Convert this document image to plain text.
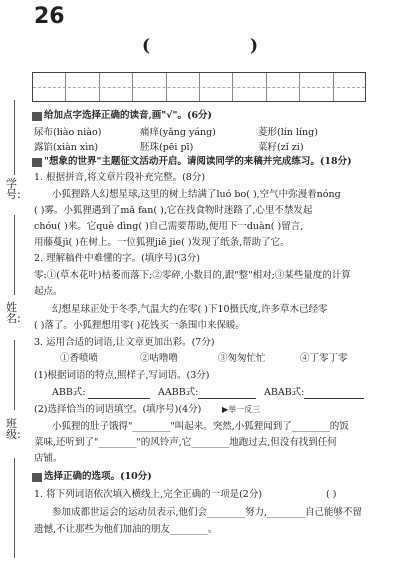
26
(	)
学号:
姓名:
班级:
给加点字选择正确的读音,画"√"。(6分)
尿布(liào niào)	痛痒(yǎng yáng)	菱形(lín líng)
露馅(xiàn xìn)	胚珠(pēi pī)	菜籽(zǐ zi)
"想象的世界"主题征文活动开启。请阅读同学的来稿并完成练习。(18分)
1. 根据拼音,将文章片段补充完整。(8分)
小狐狸路人幻想星球,这里的树上结满了luó bo( ),空气中弥漫着nóng
( )雾。小狐狸遇到了mǎ fan( ),它在找食物时迷路了,心里不禁发起
chóu( )来。它què dìng( )自己需要帮助,便用下一duàn( )留言,
用藤蔓jì( )在树上。一位狐狸jiě jie( )发现了纸条,帮助了它。
2. 理解稿件中难懂的字。(填序号)(3分)
零:①(草木花叶)枯萎而落下;②零碎,小数目的,跟"整"相对;③某些量度的计算
起点。
幻想星球正处于冬季,气温大约在零( )下10摄氏度,许多草木已经零
( )落了。小狐狸想用零( )花钱买一条围巾来保暖。
3. 运用合适的词语,让文章更加出彩。(7分)
①香喷喷	②咕噜噜	③匆匆忙忙	④丁零丁零
(1)根据词语的特点,照样子,写词语。(3分)
ABB式:	AABB式:	ABAB式:
(2)选择恰当的词语填空。(填序号)(4分)	▶举一反三
小狐狸的肚子饿得"________"叫起来。突然,小狐狸闻到了________的饭
菜味,还听到了"________"的风铃声,它________地跑过去,但没有找到任何
店铺。
选择正确的选项。(10分)
1. 将下列词语依次填入横线上,完全正确的一项是(2分)	( )
参加成都世运会的运动员表示,他们会________努力,________自己能够不留
遗憾,不让那些为他们加油的朋友________。
